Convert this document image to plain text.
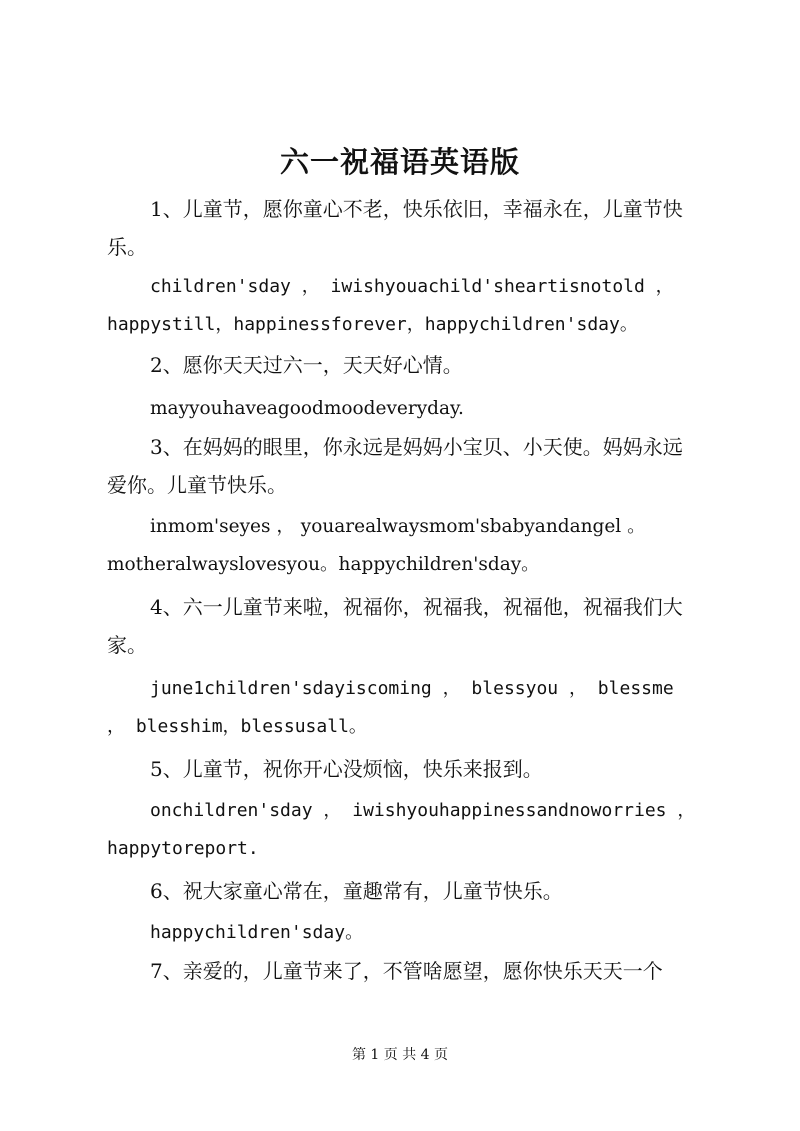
六一祝福语英语版

1、儿童节，愿你童心不老，快乐依旧，幸福永在，儿童节快乐。

children'sday ， iwishyouachild'sheartisnotold ， happystill，happinessforever，happychildren'sday。

2、愿你天天过六一，天天好心情。

mayyouhaveagoodmoodeveryday.

3、在妈妈的眼里，你永远是妈妈小宝贝、小天使。妈妈永远爱你。儿童节快乐。

inmom'seyes ， youarealwaysmom'sbabyandangel 。 motheralwayslovesyou。happychildren'sday。

4、六一儿童节来啦，祝福你，祝福我，祝福他，祝福我们大家。

june1children'sdayiscoming ， blessyou ， blessme ， blesshim，blessusall。

5、儿童节，祝你开心没烦恼，快乐来报到。

onchildren'sday ， iwishyouhappinessandnoworries ， happytoreport.

6、祝大家童心常在，童趣常有，儿童节快乐。

happychildren'sday。

7、亲爱的，儿童节来了，不管啥愿望，愿你快乐天天一个

第 1 页 共 4 页
